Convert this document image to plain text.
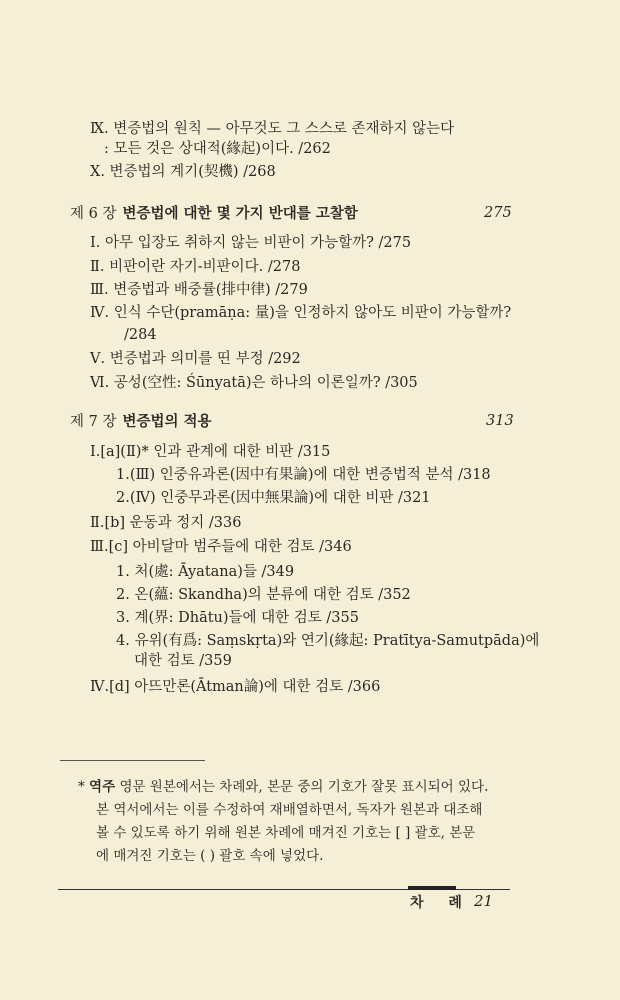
Ⅸ. 변증법의 원칙 — 아무것도 그 스스로 존재하지 않는다
: 모든 것은 상대적(緣起)이다. /262
Ⅹ. 변증법의 계기(契機) /268
제 6 장 변증법에 대한 몇 가지 반대를 고찰함	275
Ⅰ. 아무 입장도 취하지 않는 비판이 가능할까? /275
Ⅱ. 비판이란 자기-비판이다. /278
Ⅲ. 변증법과 배중률(排中律) /279
Ⅳ. 인식 수단(pramāṇa: 量)을 인정하지 않아도 비판이 가능할까?
/284
Ⅴ. 변증법과 의미를 띤 부정 /292
Ⅵ. 공성(空性: Śūnyatā)은 하나의 이론일까? /305
제 7 장 변증법의 적용	313
Ⅰ.[a](Ⅱ)* 인과 관계에 대한 비판 /315
1.(Ⅲ) 인중유과론(因中有果論)에 대한 변증법적 분석 /318
2.(Ⅳ) 인중무과론(因中無果論)에 대한 비판 /321
Ⅱ.[b] 운동과 정지 /336
Ⅲ.[c] 아비달마 범주들에 대한 검토 /346
1. 처(處: Āyatana)들 /349
2. 온(蘊: Skandha)의 분류에 대한 검토 /352
3. 계(界: Dhātu)들에 대한 검토 /355
4. 유위(有爲: Saṃskṛta)와 연기(緣起: Pratītya-Samutpāda)에
대한 검토 /359
Ⅳ.[d] 아뜨만론(Ātman論)에 대한 검토 /366
* 역주 영문 원본에서는 차례와, 본문 중의 기호가 잘못 표시되어 있다.
본 역서에서는 이를 수정하여 재배열하면서, 독자가 원본과 대조해
볼 수 있도록 하기 위해 원본 차례에 매겨진 기호는 [ ] 괄호, 본문
에 매겨진 기호는 ( ) 괄호 속에 넣었다.
차 례 21
